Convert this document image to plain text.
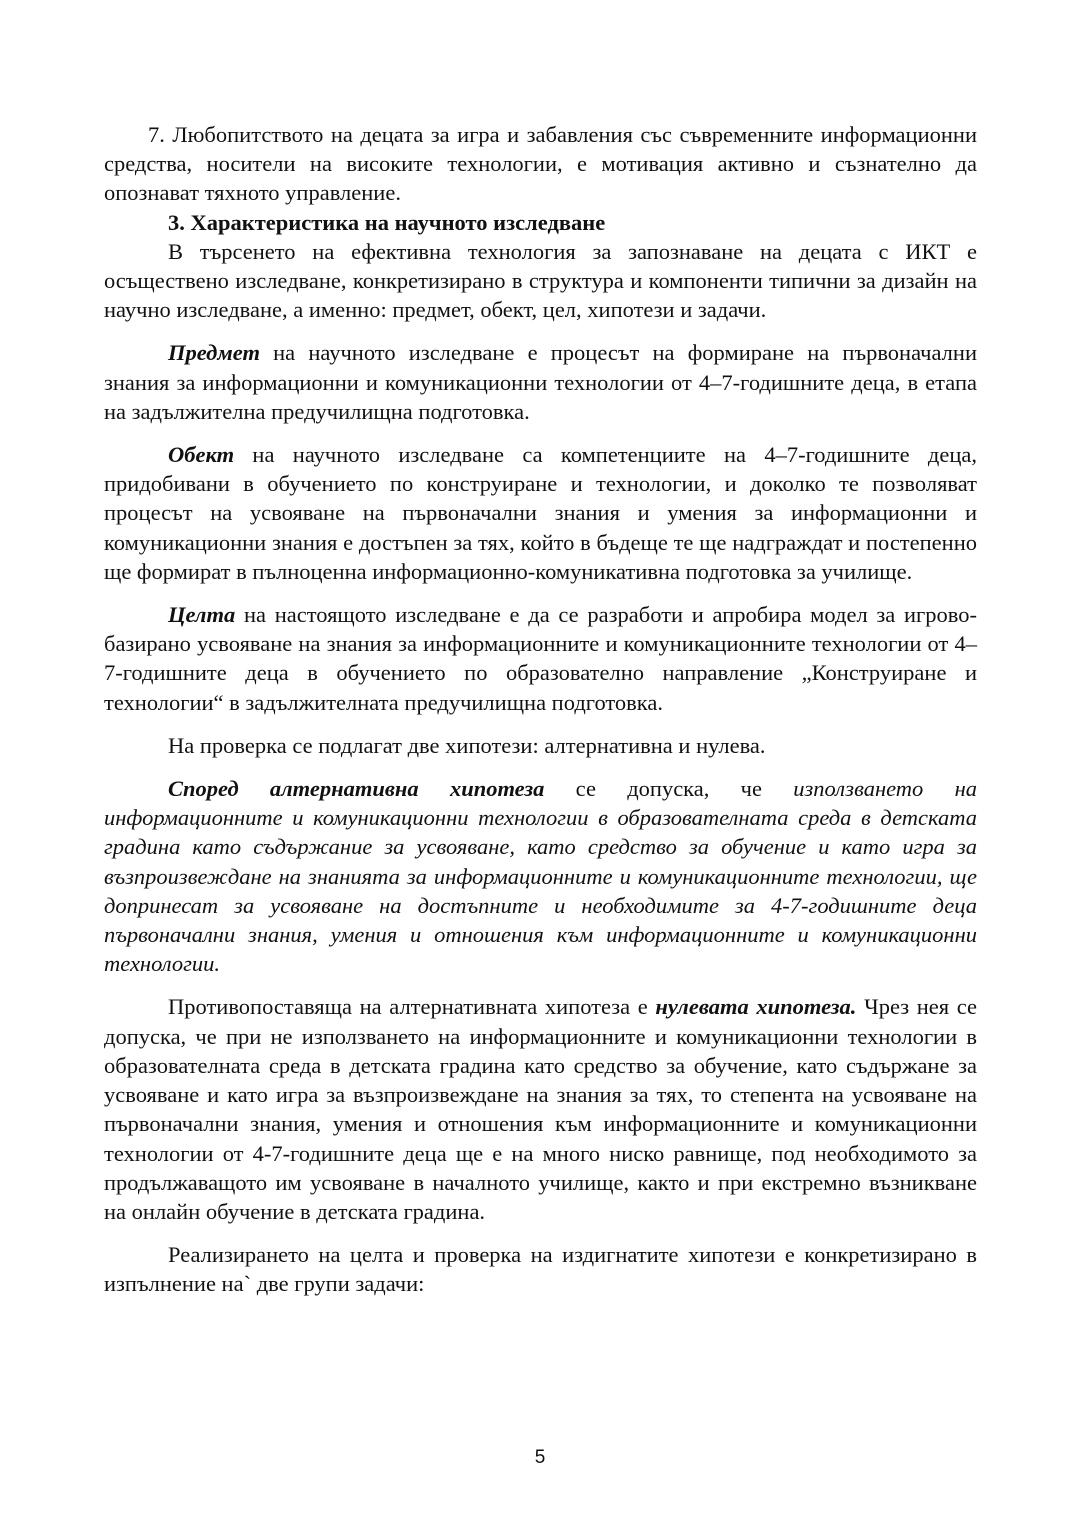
7. Любопитството на децата за игра и забавления със съвременните информационни средства, носители на високите технологии, е мотивация активно и съзнателно да опознават тяхното управление.

3. Характеристика на научното изследване

В търсенето на ефективна технология за запознаване на децата с ИКТ е осъществено изследване, конкретизирано в структура и компоненти типични за дизайн на научно изследване, а именно: предмет, обект, цел, хипотези и задачи.

Предмет на научното изследване е процесът на формиране на първоначални знания за информационни и комуникационни технологии от 4–7-годишните деца, в етапа на задължителна предучилищна подготовка.

Обект на научното изследване са компетенциите на 4–7-годишните деца, придобивани в обучението по конструиране и технологии, и доколко те позволяват процесът на усвояване на първоначални знания и умения за информационни и комуникационни знания е достъпен за тях, който в бъдеще те ще надграждат и постепенно ще формират в пълноценна информационно-комуникативна подготовка за училище.

Целта на настоящото изследване е да се разработи и апробира модел за игрово-базирано усвояване на знания за информационните и комуникационните технологии от 4–7-годишните деца в обучението по образователно направление „Конструиране и технологии“ в задължителната предучилищна подготовка.

На проверка се подлагат две хипотези: алтернативна и нулева.

Според алтернативна хипотеза се допуска, че използването на информационните и комуникационни технологии в образователната среда в детската градина като съдържание за усвояване, като средство за обучение и като игра за възпроизвеждане на знанията за информационните и комуникационните технологии, ще допринесат за усвояване на достъпните и необходимите за 4-7-годишните деца първоначални знания, умения и отношения към информационните и комуникационни технологии.

Противопоставяща на алтернативната хипотеза е нулевата хипотеза. Чрез нея се допуска, че при не използването на информационните и комуникационни технологии в образователната среда в детската градина като средство за обучение, като съдържане за усвояване и като игра за възпроизвеждане на знания за тях, то степента на усвояване на първоначални знания, умения и отношения към информационните и комуникационни технологии от 4-7-годишните деца ще е на много ниско равнище, под необходимото за продължаващото им усвояване в началното училище, както и при екстремно възникване на онлайн обучение в детската градина.

Реализирането на целта и проверка на издигнатите хипотези е конкретизирано в изпълнение на` две групи задачи:

5
